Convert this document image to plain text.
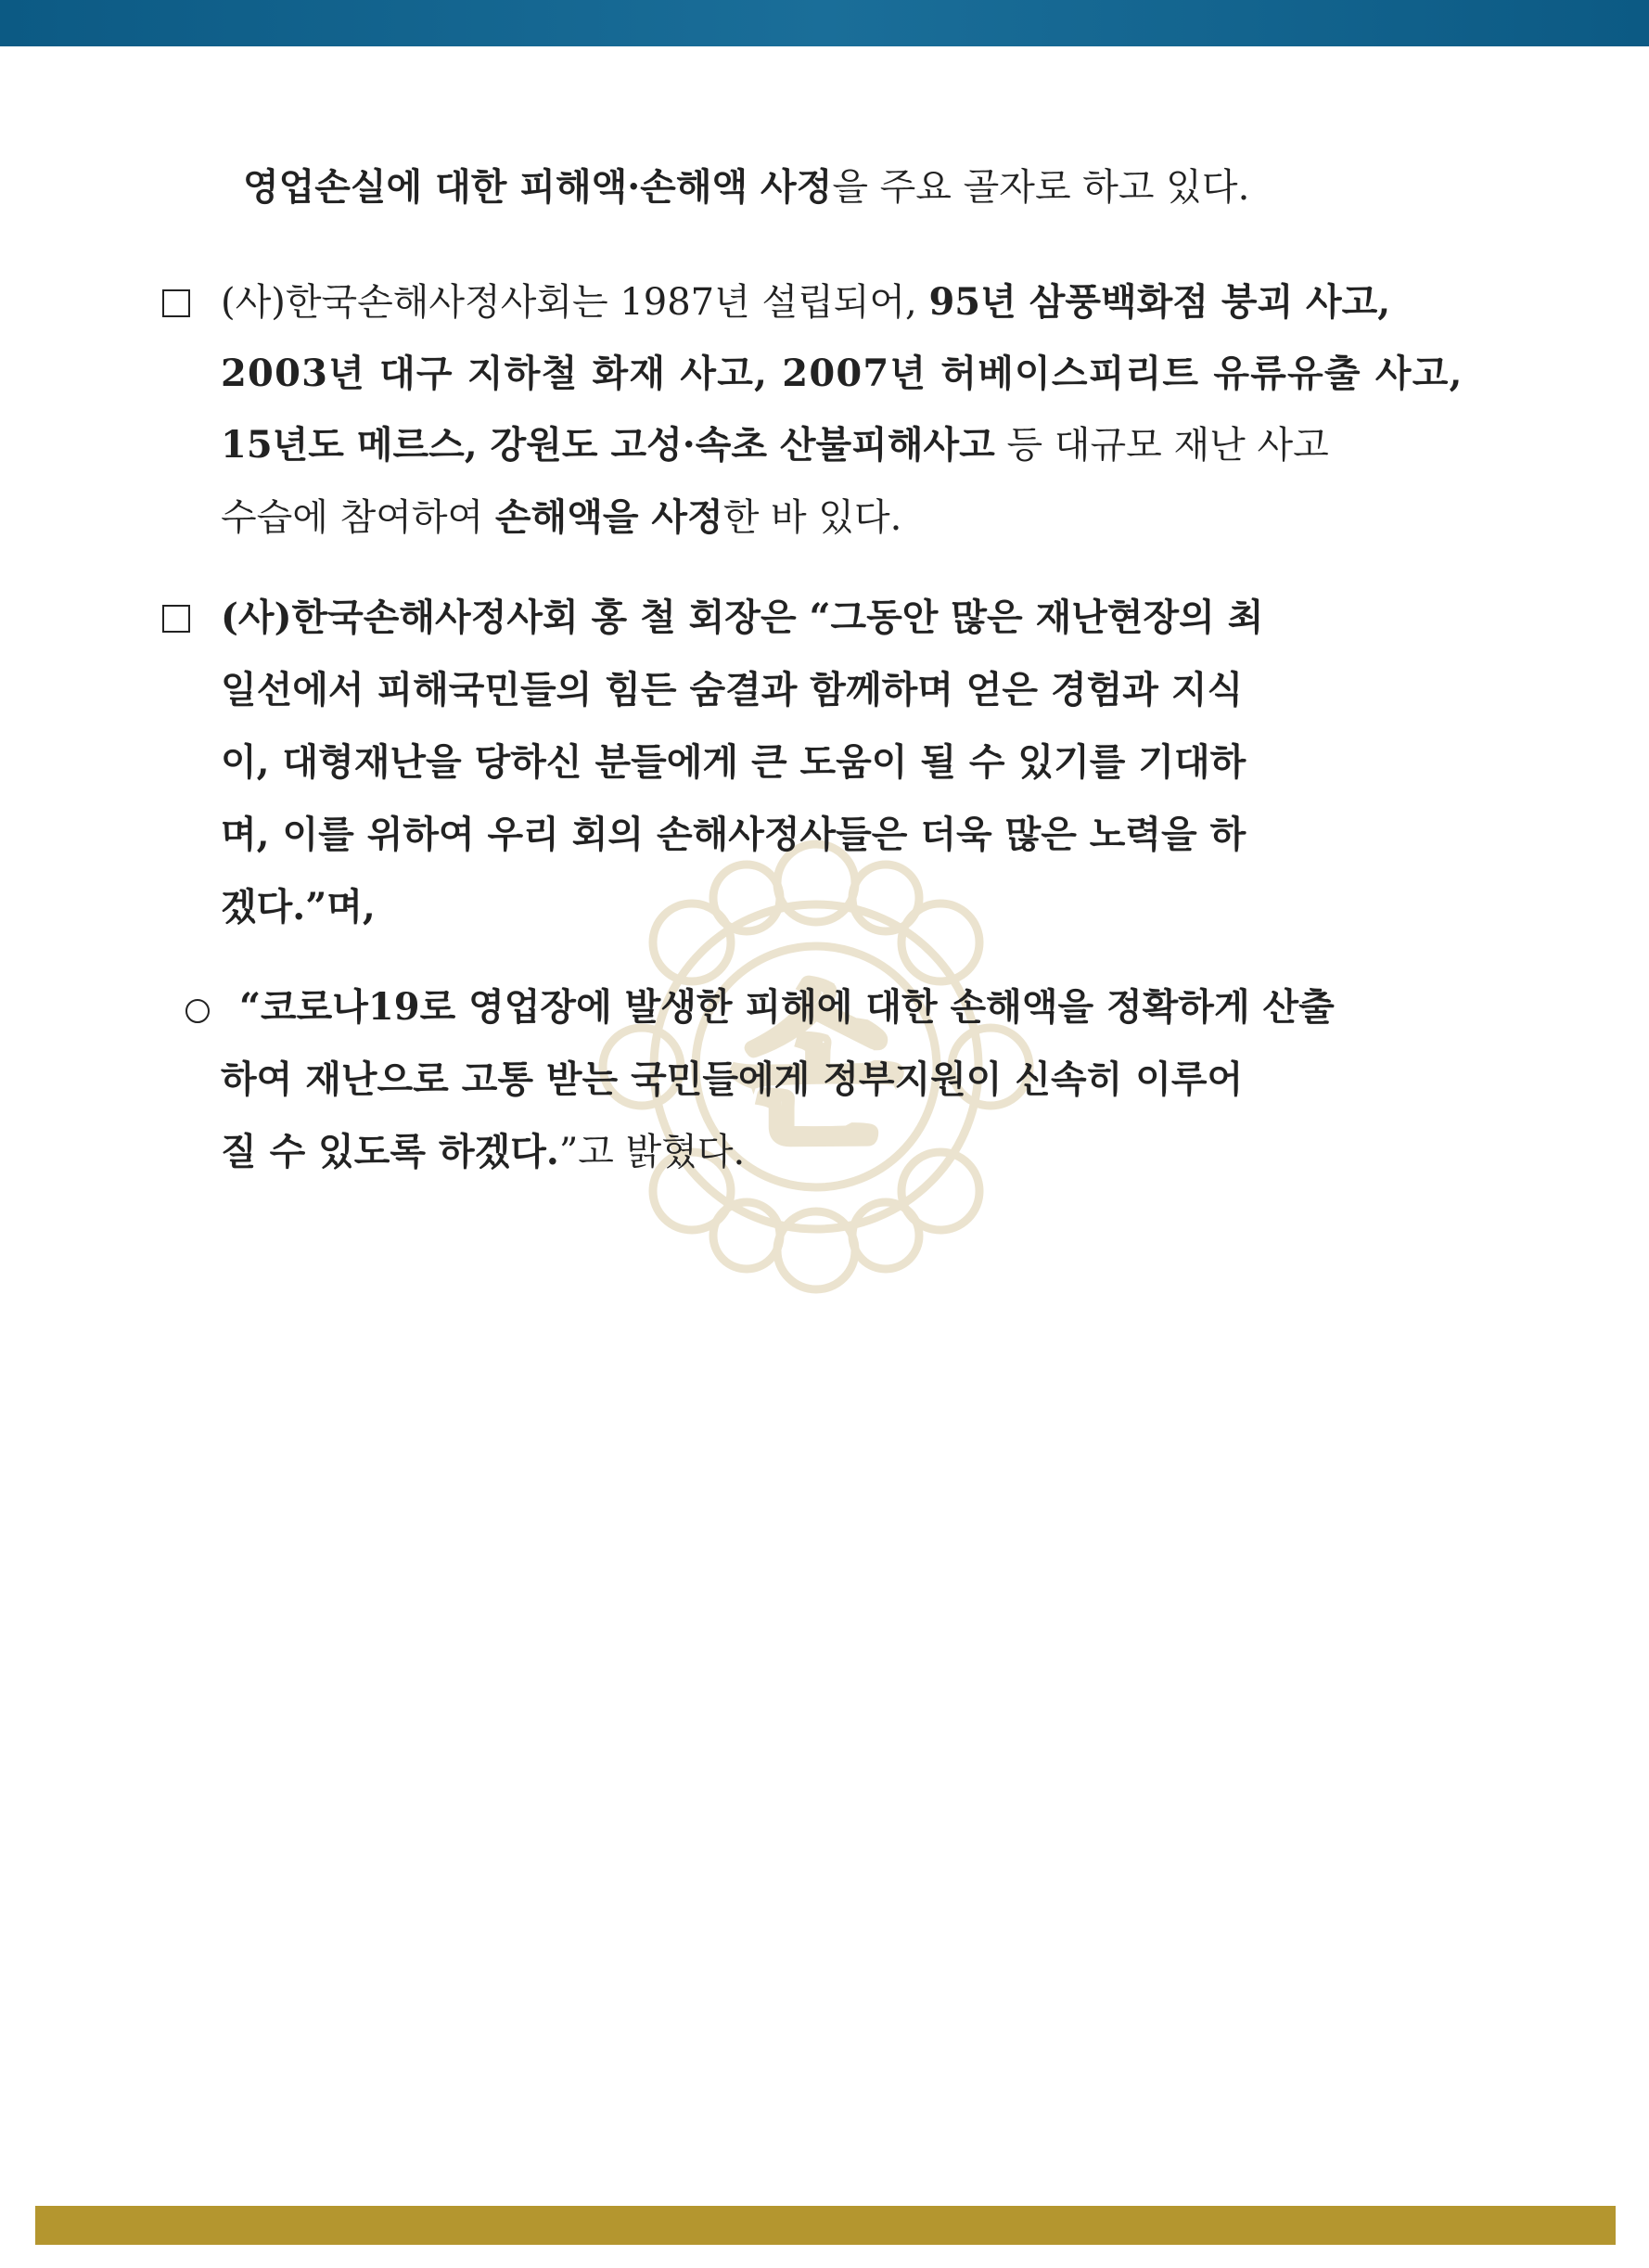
손
영업손실에 대한 피해액·손해액 사정을 주요 골자로 하고 있다.
(사)한국손해사정사회는 1987년 설립되어, 95년 삼풍백화점 붕괴 사고,
2003년 대구 지하철 화재 사고, 2007년 허베이스피리트 유류유출 사고,
15년도 메르스, 강원도 고성·속초 산불피해사고 등 대규모 재난 사고
수습에 참여하여 손해액을 사정한 바 있다.
(사)한국손해사정사회 홍 철 회장은 “그동안 많은 재난현장의 최
일선에서 피해국민들의 힘든 숨결과 함께하며 얻은 경험과 지식
이, 대형재난을 당하신 분들에게 큰 도움이 될 수 있기를 기대하
며, 이를 위하여 우리 회의 손해사정사들은 더욱 많은 노력을 하
겠다.”며,
“코로나19로 영업장에 발생한 피해에 대한 손해액을 정확하게 산출
하여 재난으로 고통 받는 국민들에게 정부지원이 신속히 이루어
질 수 있도록 하겠다.”고 밝혔다.
